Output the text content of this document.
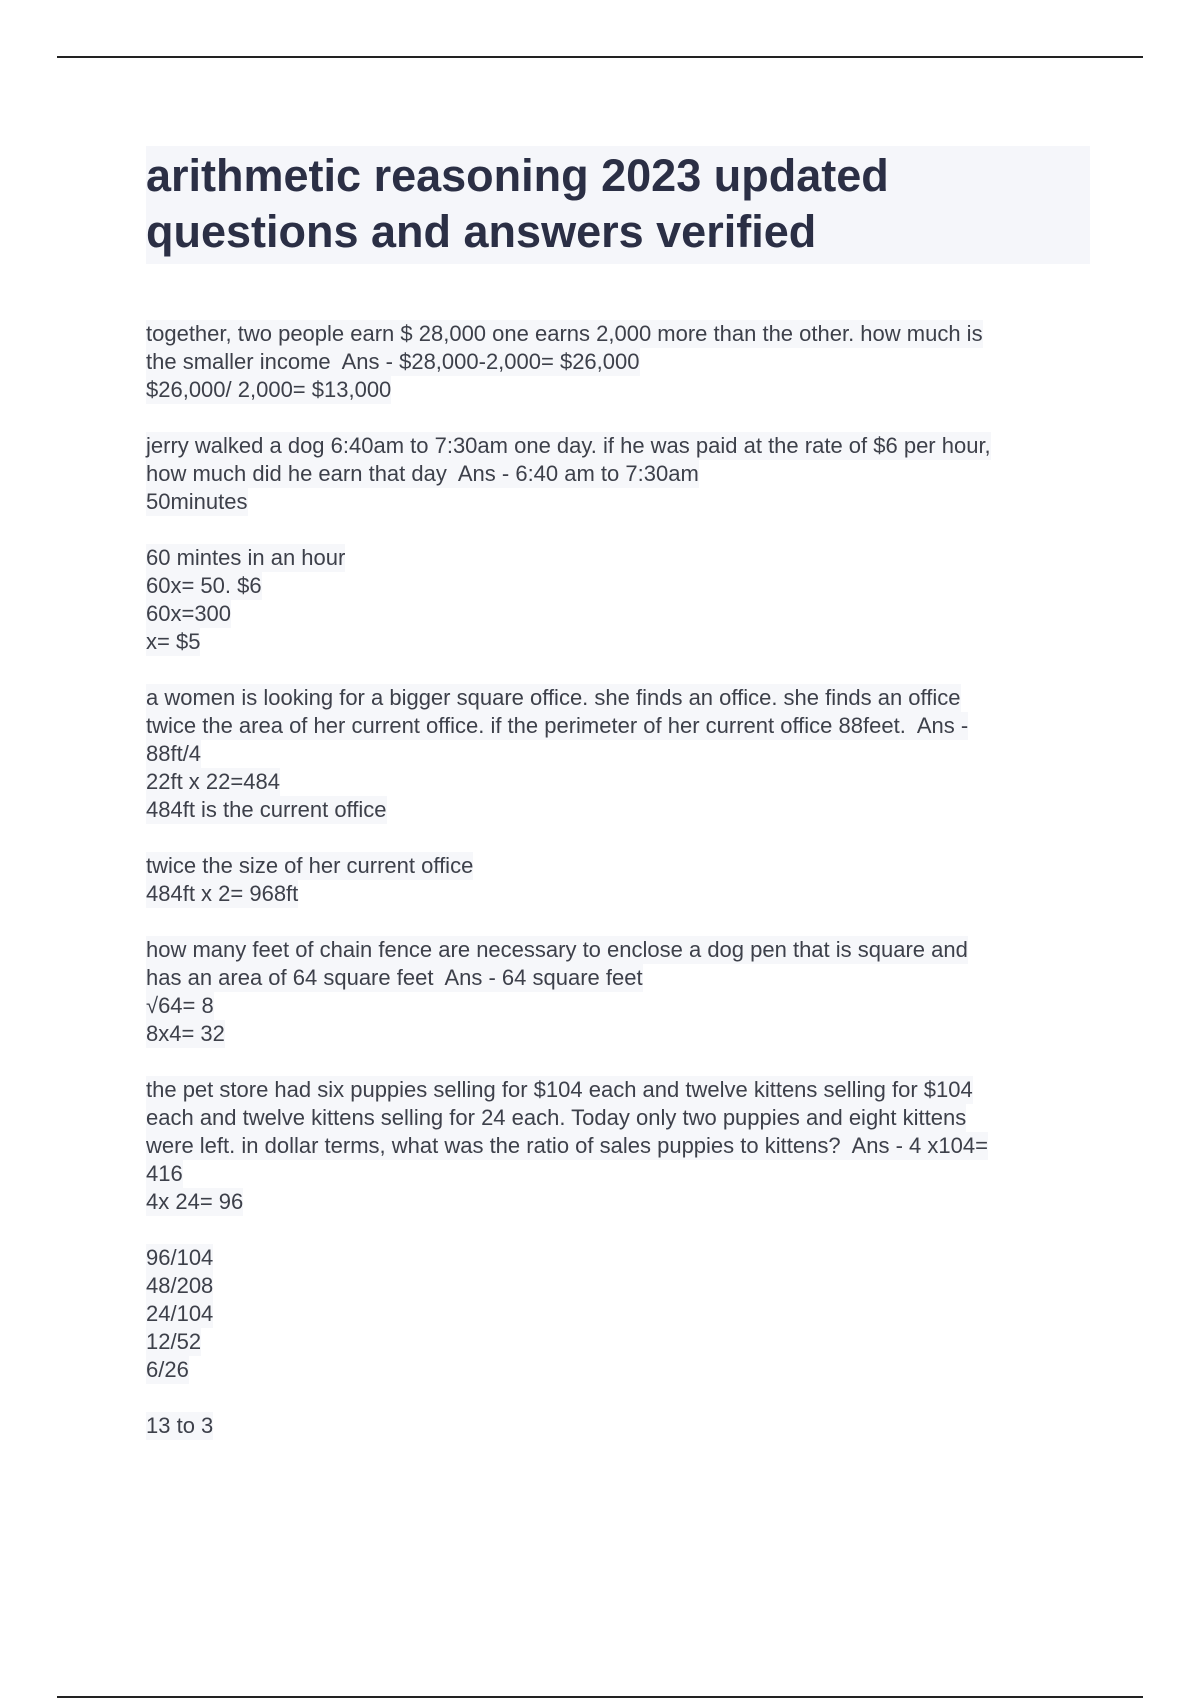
arithmetic reasoning 2023 updated
questions and answers verified
together, two people earn $ 28,000 one earns 2,000 more than the other. how much is
the smaller income  Ans - $28,000-2,000= $26,000
$26,000/ 2,000= $13,000
jerry walked a dog 6:40am to 7:30am one day. if he was paid at the rate of $6 per hour,
how much did he earn that day  Ans - 6:40 am to 7:30am
50minutes
60 mintes in an hour
60x= 50. $6
60x=300
x= $5
a women is looking for a bigger square office. she finds an office. she finds an office
twice the area of her current office. if the perimeter of her current office 88feet.  Ans -
88ft/4
22ft x 22=484
484ft is the current office
twice the size of her current office
484ft x 2= 968ft
how many feet of chain fence are necessary to enclose a dog pen that is square and
has an area of 64 square feet  Ans - 64 square feet
√64= 8
8x4= 32
the pet store had six puppies selling for $104 each and twelve kittens selling for $104
each and twelve kittens selling for 24 each. Today only two puppies and eight kittens
were left. in dollar terms, what was the ratio of sales puppies to kittens?  Ans - 4 x104=
416
4x 24= 96
96/104
48/208
24/104
12/52
6/26
13 to 3
